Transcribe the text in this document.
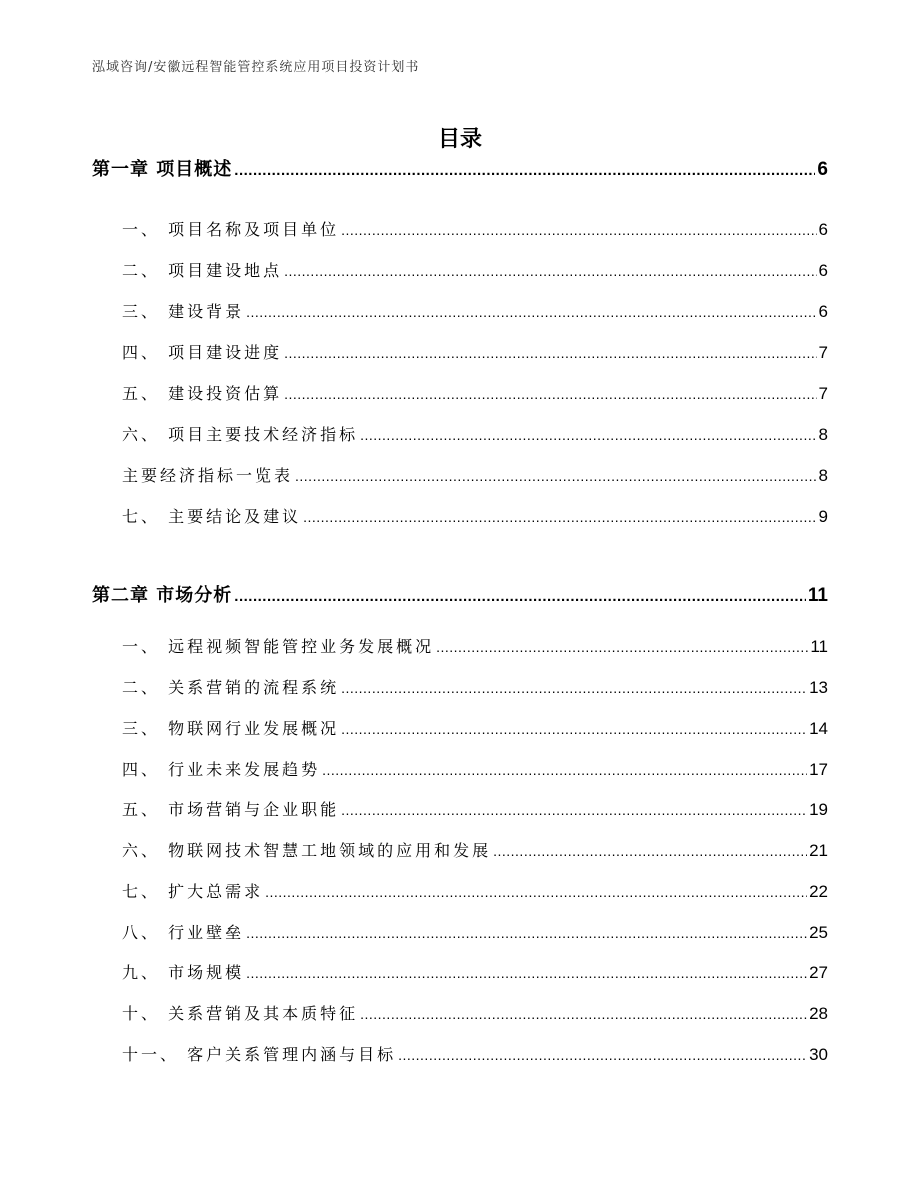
泓域咨询/安徽远程智能管控系统应用项目投资计划书
目录
第一章 项目概述 .....	6
一、 项目名称及项目单位 .....	6
二、 项目建设地点 .....	6
三、 建设背景 .....	6
四、 项目建设进度 .....	7
五、 建设投资估算 .....	7
六、 项目主要技术经济指标 .....	8
主要经济指标一览表 .....	8
七、 主要结论及建议 .....	9
第二章 市场分析 .....	11
一、 远程视频智能管控业务发展概况 .....	11
二、 关系营销的流程系统 .....	13
三、 物联网行业发展概况 .....	14
四、 行业未来发展趋势 .....	17
五、 市场营销与企业职能 .....	19
六、 物联网技术智慧工地领域的应用和发展 .....	21
七、 扩大总需求 .....	22
八、 行业壁垒 .....	25
九、 市场规模 .....	27
十、 关系营销及其本质特征 .....	28
十一、 客户关系管理内涵与目标 .....	30
